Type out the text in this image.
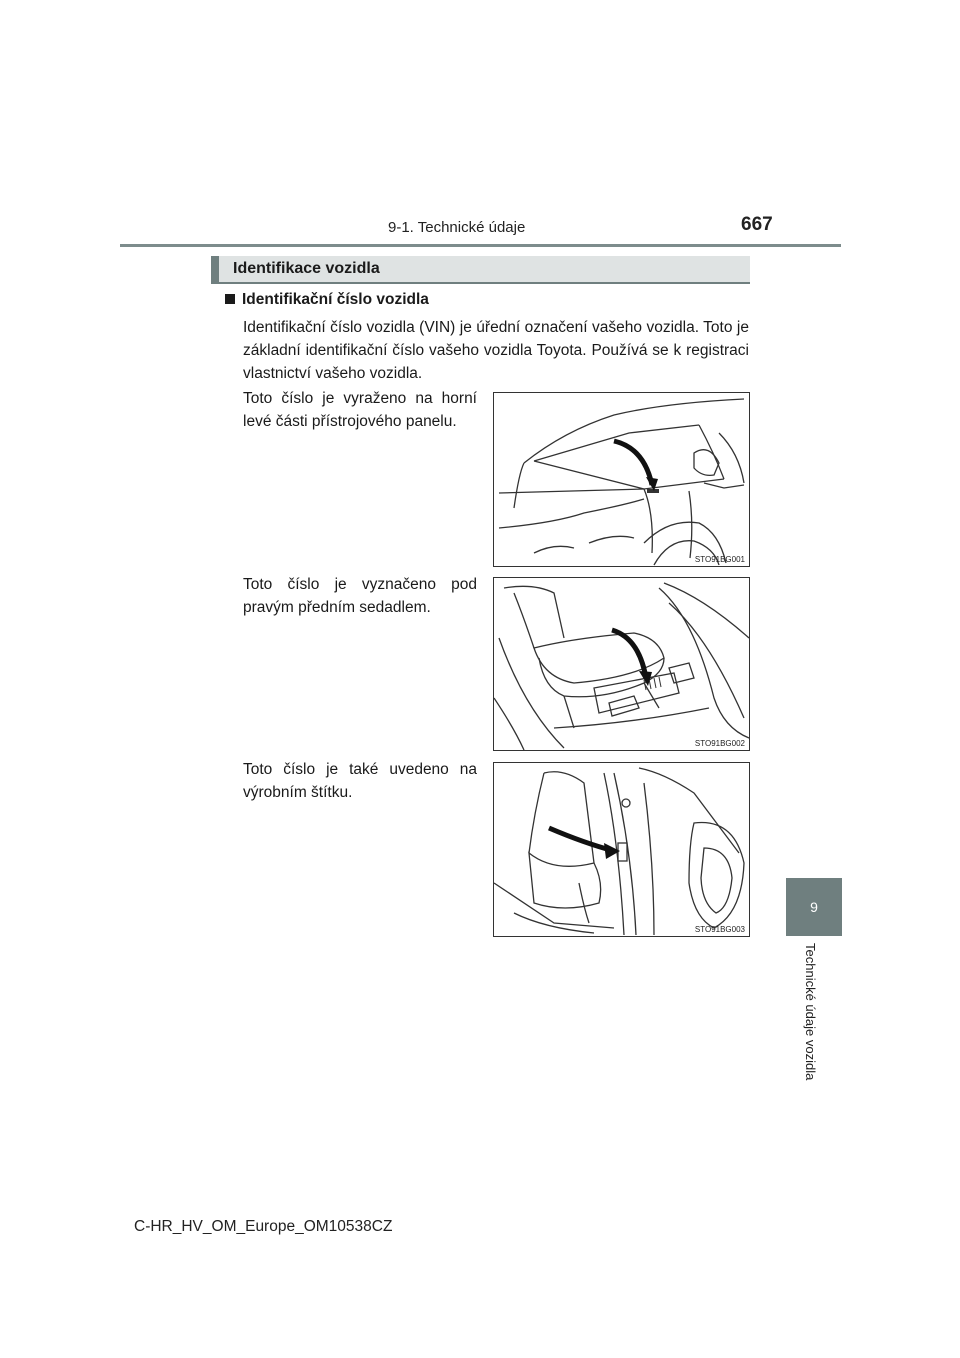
9-1. Technické údaje	667
9
Technické údaje vozidla
Identifikace vozidla
Identifikační číslo vozidla
Identifikační číslo vozidla (VIN) je úřední označení vašeho vozidla. Toto je základní identifikační číslo vašeho vozidla Toyota. Používá se k registraci vlastnictví vašeho vozidla.
Toto číslo je vyraženo na horní levé části přístrojového panelu.
STO91BG001
Toto číslo je vyznačeno pod pravým předním sedadlem.
STO91BG002
Toto číslo je také uvedeno na výrobním štítku.
STO91BG003
C-HR_HV_OM_Europe_OM10538CZ
